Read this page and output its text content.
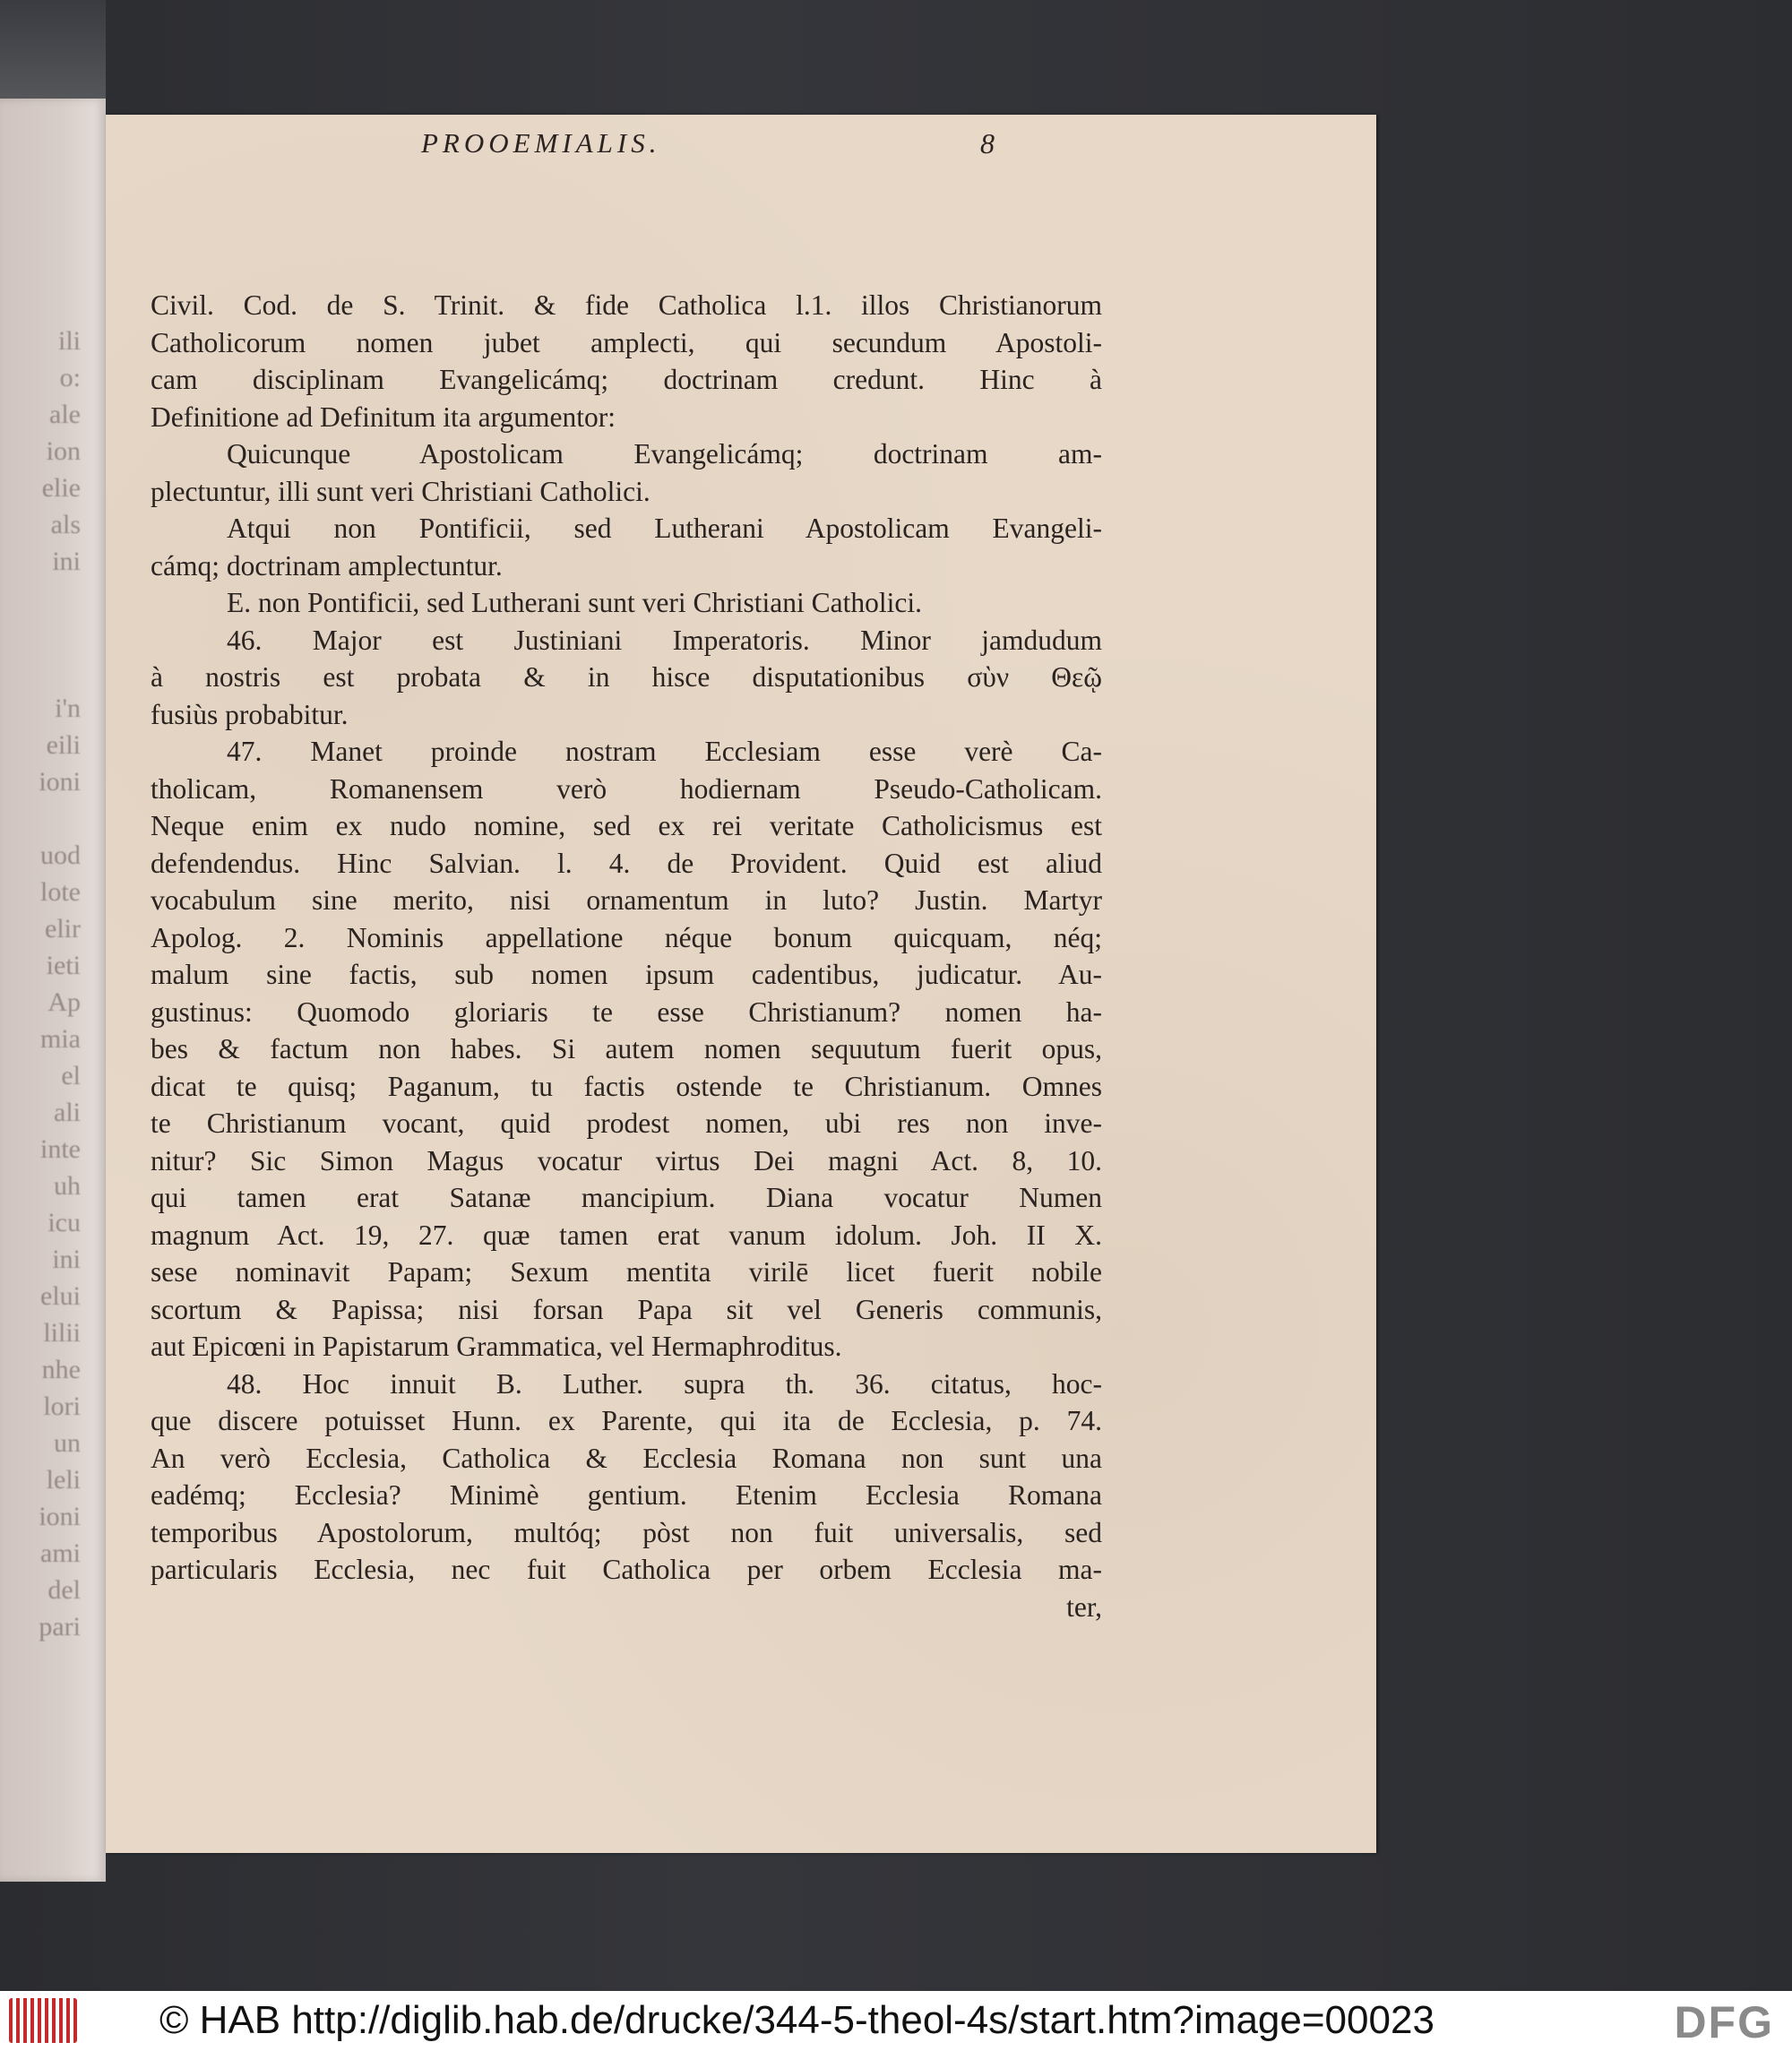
ili
o:
ale
ion
elie
als
ini
i'n
eili
ioni
uod
lote
elir
ieti
Ap
mia
el
ali
inte
uh
icu
ini
elui
lilii
nhe
lori
un
leli
ioni
ami
del
pari
PROOEMIALIS.	8
Civil. Cod. de S. Trinit. & fide Catholica l.1. illos Christianorum
Catholicorum nomen jubet amplecti, qui secundum Apostoli-
cam disciplinam Evangelicámq; doctrinam credunt. Hinc à
Definitione ad Definitum ita argumentor:
Quicunque Apostolicam Evangelicámq; doctrinam am-
plectuntur, illi sunt veri Christiani Catholici.
Atqui non Pontificii, sed Lutherani Apostolicam Evangeli-
cámq; doctrinam amplectuntur.
E. non Pontificii, sed Lutherani sunt veri Christiani Catholici.
46. Major est Justiniani Imperatoris. Minor jamdudum
à nostris est probata & in hisce disputationibus σὺν Θεῷ
fusiùs probabitur.
47. Manet proinde nostram Ecclesiam esse verè Ca-
tholicam, Romanensem verò hodiernam Pseudo-Catholicam.
Neque enim ex nudo nomine, sed ex rei veritate Catholicismus est
defendendus. Hinc Salvian. l. 4. de Provident. Quid est aliud
vocabulum sine merito, nisi ornamentum in luto? Justin. Martyr
Apolog. 2. Nominis appellatione néque bonum quicquam, néq;
malum sine factis, sub nomen ipsum cadentibus, judicatur. Au-
gustinus: Quomodo gloriaris te esse Christianum? nomen ha-
bes & factum non habes. Si autem nomen sequutum fuerit opus,
dicat te quisq; Paganum, tu factis ostende te Christianum. Omnes
te Christianum vocant, quid prodest nomen, ubi res non inve-
nitur? Sic Simon Magus vocatur virtus Dei magni Act. 8, 10.
qui tamen erat Satanæ mancipium. Diana vocatur Numen
magnum Act. 19, 27. quæ tamen erat vanum idolum. Joh. II X.
sese nominavit Papam; Sexum mentita virilē licet fuerit nobile
scortum & Papissa; nisi forsan Papa sit vel Generis communis,
aut Epicœni in Papistarum Grammatica, vel Hermaphroditus.
48. Hoc innuit B. Luther. supra th. 36. citatus, hoc-
que discere potuisset Hunn. ex Parente, qui ita de Ecclesia, p. 74.
An verò Ecclesia, Catholica & Ecclesia Romana non sunt una
eadémq; Ecclesia? Minimè gentium. Etenim Ecclesia Romana
temporibus Apostolorum, multóq; pòst non fuit universalis, sed
particularis Ecclesia, nec fuit Catholica per orbem Ecclesia ma-
ter,
© HAB http://diglib.hab.de/drucke/344-5-theol-4s/start.htm?image=00023	DFG
